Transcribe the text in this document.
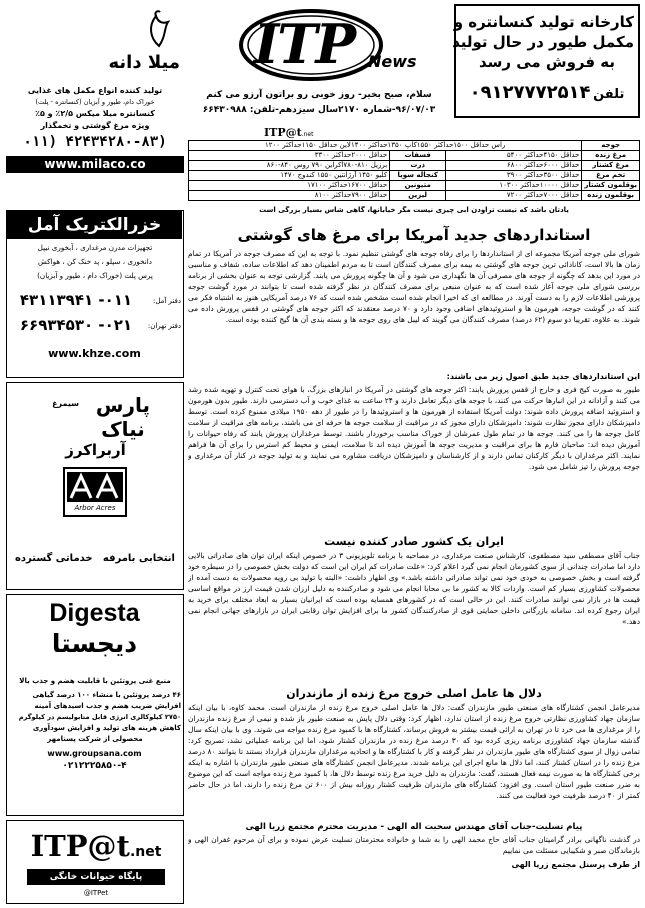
میلا دانه
تولید کننده انواع مکمل های غذایی
خوراک دام، طیور و آبزیان (کنسانتره - پلت)
کنسانتره میلا میکس ۲/۵٪ و ۵٪
ویژه مرغ گوشتی و تخمگذار
۰۱۱) ۴۲۴۳۴۲۸۰-۸۳)
www.milaco.co
خزرالکتریک آمل
تجهیزات مدرن مرغداری ، آبخوری نیپل
دانخوری ، سیلو ، پد خنک کن ، هواکش
پرس پلت (خوراک دام ، طیور و آبزیان)
دفتر آمل:
۰۱۱- ۴۳۱۱۳۹۴۱
دفتر تهران:
۰۲۱- ۶۶۹۳۴۵۳۰
www.khze.com
سیمرغ پارس نیاک
آربراکرز
Arbor Acres
انتخابی بامرفه
خدماتی گسترده
Digesta
دیجستا
منبع غنی پروتئین با قابلیت هضم و جذب بالا
۴۶ درصد پروتئین با منشاء ۱۰۰ درصد گیاهی
افزایش ضریب هضم و جذب اسیدهای آمینه
۲۷۵۰ کیلوکالری انرژی قابل متابولیسم در کیلوگرم
کاهش هزینه های تولید و افزایش سودآوری
محصولی از شرکت پسنامهر
www.groupsana.com
۰۲۱۲۲۲۵۸۵۰-۴
ITP@t.net
پایگاه حیوانات خانگی
@ITPet
ITP News
سلام، صبح بخیر- روز خوبی رو براتون آرزو می کنم
۹۶/۰۷/۰۳-شماره ۲۱۷۰سال سیزدهم-تلفن: ۶۶۴۳۰۹۸۸
کارخانه تولید کنسانتره و
مکمل طیور در حال تولید
به فروش می رسد
تلفن ۰۹۱۲۷۷۷۲۵۱۴
ITP@t.net
جوجه	راس حداقل ۱۵۰۰حداکثر ۱۵۵۰کاپ ۱۳۵۰حداکثر ۱۴۰۰لاین حداقل ۱۱۵۰حداکثر ۱۲۰۰		
مرغ زنده	حداقل ۴۱۵۰حداکثر ۵۴۰۰	فسفات	حداقل ۲۰۰۰حداکثر ۳۳۰۰
مرغ کشتار	حداقل ۶۰۰۰حداکثر ۶۸۰۰	ذرت	برزیل ۸۱۰-۷۸۰اکراین ۷۹۰ روس ۸۴۰-۸۶۰
تخم مرغ	حداقل ۳۵۰۰حداکثر ۳۹۰۰	کنجاله سویا	کلیو ۱۴۵۰ آرژانتین ۱۵۵۰ کندوج ۱۴۷۰
بوقلمون کشتار	حداقل ۱۰۰۰۰حداکثر ۱۰۳۰۰	متیونین	حداقل ۱۶۷۰۰حداکثر ۱۷۱۰۰
بوقلمون زنده	حداقل ۷۰۰۰حداکثر ۷۲۰۰	لیزین	حداقل ۷۹۰۰حداکثر ۸۱۰۰
یادتان باشد که نیست تراودن ابی چیزی نیست مگر خیابانها، گاهی شاس بسیار بزرگی است
استانداردهای جدید آمریکا برای مرغ های گوشتی
شورای ملی جوجه آمریکا مجموعه ای از استانداردها را برای رفاه جوجه های گوشتی تنظیم نمود. با توجه به این که مصرف جوجه در آمریکا در تمام زمان ها بالا است، کانادائی ترین جوجه های گوشتی به بیمه برای مصرف کنندگان است تا به مردم اطمینان دهد که اطلاعات ساده، شفاف و مناسبی در مورد این بدهد که چگونه از جوجه های مصرفی آن ها نگهداری می شود و آن ها چگونه پرورش می یابند. گزارشی توجه به عنوان بخشی از برنامه بررسی شورای ملی جوجه آغاز شده است که به عنوان منبعی برای مصرف کنندگان در نظر گرفته شده است تا بتوانند در مورد گوشت جوجه پرورشی اطلاعات لازم را به دست آورند. در مطالعه ای که اخیرا انجام شده است مشخص شده است که ۷۶ درصد آمریکایی هنوز به اشتباه فکر می کنند که در گوشت جوجه، هورمون ها و استروئیدهای اضافی وجود دارد و ۷۰ درصد معتقدند که اکثر جوجه های گوشتی در قفس پرورش داده می شوند. به علاوه، تقریبا دو سوم (۶۲ درصد) مصرف کنندگان می گویند که لیبل های روی جوجه ها و بسته بندی آن ها گیج کننده بوده است.
این استانداردهای جدید طبق اصول زیر می باشند:
طیور به صورت کیج فری و خارج از قفس پرورش یابند: اکثر جوجه های گوشتی در آمریکا در انبارهای بزرگ، با هوای تحت کنترل و تهویه شده رشد می کنند و آزادانه در این انبارها حرکت می کنند، با جوجه های دیگر تعامل دارند و ۲۴ ساعت به غذای خوب و آب دسترسی دارند. طیور بدون هورمون و استروئید اضافه پرورش داده شوند: دولت آمریکا استفاده از هورمون ها و استروئیدها را در طیور از دهه ۱۹۵۰ میلادی ممنوع کرده است. توسط دامپزشکان دارای مجوز نظارت شوند: دامپزشکان دارای مجوز که در مراقبت از سلامت جوجه ها حرفه ای می باشند، برنامه های مراقبت از سلامت کامل جوجه ها را می کنند. جوجه ها در تمام طول عمرشان از خوراک مناسب برخوردار باشند. توسط مرغداران پرورش یابند که رفاه حیوانات را آموزش دیده اند: صاحبان فارم ها برای مراقبت و مدیریت جوجه ها آموزش دیده اند تا سلامت، ایمنی و محیط کم استرس را برای آن ها فراهم نمایند. اکثر مرغداران با دیگر کارکنان تماس دارند و از کارشناسان و دامپزشکان دریافت مشاوره می نمایند و به تولید جوجه در کنار آن مرغداری و جوجه پرورش را تیز شامل می شود.
ایران یک کشور صادر کننده نیست
جناب آقای مصطفی سید مصطفوی، کارشناس صنعت مرغداری، در مصاحبه با برنامه تلویزیونی ۳ در خصوص اینکه ایران توان های صادراتی بالایی دارد اما صادرات چندانی از سوی کشورمان انجام نمی گیرد اعلام کرد: «علت صادرات کم ایران این است که دولت بخش خصوصی را در سیطره خود گرفته است و بخش خصوصی به خودی خود نمی تواند صادراتی داشته باشد.» وی اظهار داشت: «البته با تولید بی رویه محصولات به دست آمده از محصولات کشاورزی بسیار کم است. واردات کالا به کشور ما بی محابا انجام می شود و صادرکننده به دلیل ارزان شدن قیمت ارز در مواقع اساسی قیمت ها در بازار نمی توانند صادرات کنند. این در حالی است که در کشورهای همسایه بوده است که ایرانیان بسیار به ابعاد مختلف برای خرید به ایران رجوع کرده اند. سامانه بازرگانی داخلی حمایتی قوی از صادرکنندگان کشور ما برای افزایش توان رقابتی ایران در بازارهای جهانی انجام نمی دهد.»
دلال ها عامل اصلی خروج مرغ زنده از مازندران
مدیرعامل انجمن کشتارگاه های صنعتی طیور مازندران گفت: دلال ها عامل اصلی خروج مرغ زنده از مازندران است. محمد کاوه، با بیان اینکه سازمان جهاد کشاورزی نظارتی خروج مرغ زنده از استان ندارد، اظهار کرد: وقتی دلال پایش به صنعت طیور باز شده و نیمی از مرغ زنده مازندران را از مرغداری ها می خرد تا در تهران به ارائی قیمت بیشتر به فروش برساند، کشتارگاه ها با کمبود مرغ زنده مواجه می شوند. وی با بیان اینکه سال گذشته سازمان جهاد کشاورزی برنامه ریزی کرده بود که ۳۰ درصد مرغ زنده در مازندران کشتار شود، اما این برنامه عملیاتی نشد، تصریح کرد: تمامی زوال از سوی کشتارگاه های طیور مازندران در نظر گرفته و کار با کشتارگاه ها و اتحادیه مرغداران مازندران قرارداد بستند تا بتوانند ۸۰ درصد مرغ زنده را در استان کشتار کنند، اما دلال ها مانع اجرای این برنامه شدند. مدیرعامل انجمن کشتارگاه های صنعتی طیور مازندران با اشاره به اینکه برخی کشتارگاه ها به صورت نیمه فعال هستند، گفت: مازندران به دلیل خرید مرغ زنده توسط دلال ها، با کمبود مرغ زنده مواجه است که این موضوع به ضرر صنعت طیور استان است. وی افزود: کشتارگاه های مازندران ظرفیت کشتار روزانه بیش از ۶۰۰ تن مرغ زنده را دارند، اما در حال حاضر کمتر از ۴۰ درصد ظرفیت خود فعالیت می کنند.
پیام تسلیت-جناب آقای مهندس سحبت اله الهی - مدیریت محترم مجتمع زریا الهی
در گذشت ناگهانی برادر گرامیتان جناب آقای حاج محمد الهی را به شما و خانواده محترمتان تسلیت عرض نموده و برای آن مرحوم غفران الهی و بازماندگان صبر و شکیبایی مسئلت می نماییم
از طرف پرسنل مجتمع زریا الهی
